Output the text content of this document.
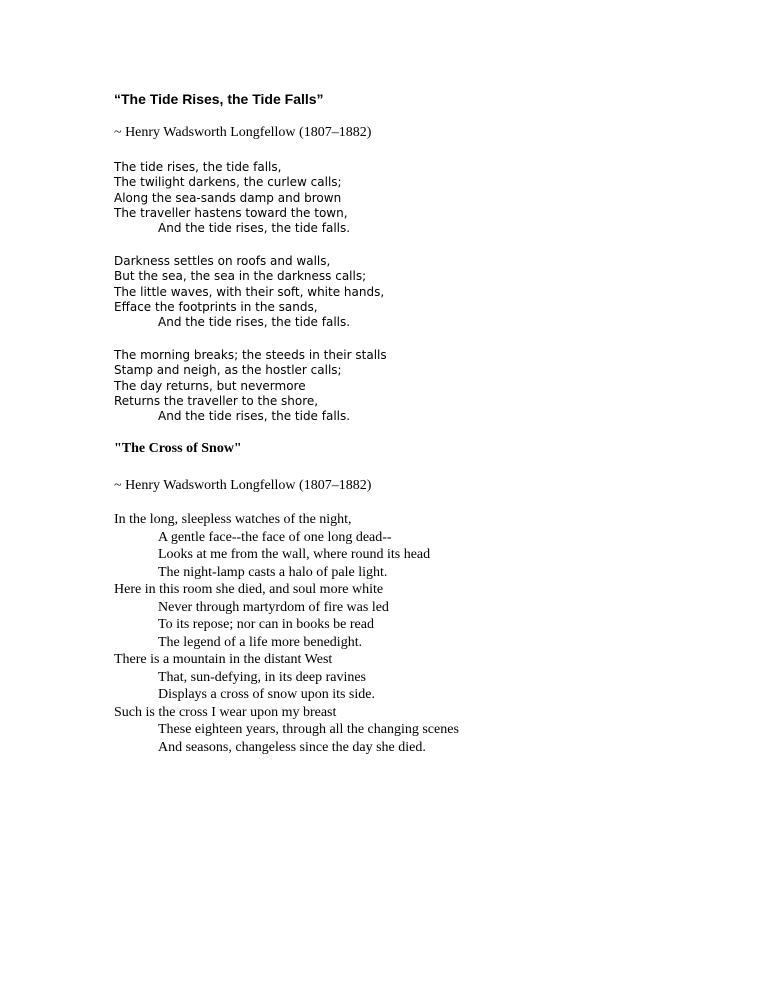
“The Tide Rises, the Tide Falls”

~ Henry Wadsworth Longfellow (1807–1882)

The tide rises, the tide falls,
The twilight darkens, the curlew calls;
Along the sea-sands damp and brown
The traveller hastens toward the town,
And the tide rises, the tide falls.
Darkness settles on roofs and walls,
But the sea, the sea in the darkness calls;
The little waves, with their soft, white hands,
Efface the footprints in the sands,
And the tide rises, the tide falls.
The morning breaks; the steeds in their stalls
Stamp and neigh, as the hostler calls;
The day returns, but nevermore
Returns the traveller to the shore,
And the tide rises, the tide falls.
"The Cross of Snow"

~ Henry Wadsworth Longfellow (1807–1882)

In the long, sleepless watches of the night,
A gentle face--the face of one long dead--
Looks at me from the wall, where round its head
The night-lamp casts a halo of pale light.
Here in this room she died, and soul more white
Never through martyrdom of fire was led
To its repose; nor can in books be read
The legend of a life more benedight.
There is a mountain in the distant West
That, sun-defying, in its deep ravines
Displays a cross of snow upon its side.
Such is the cross I wear upon my breast
These eighteen years, through all the changing scenes
And seasons, changeless since the day she died.
